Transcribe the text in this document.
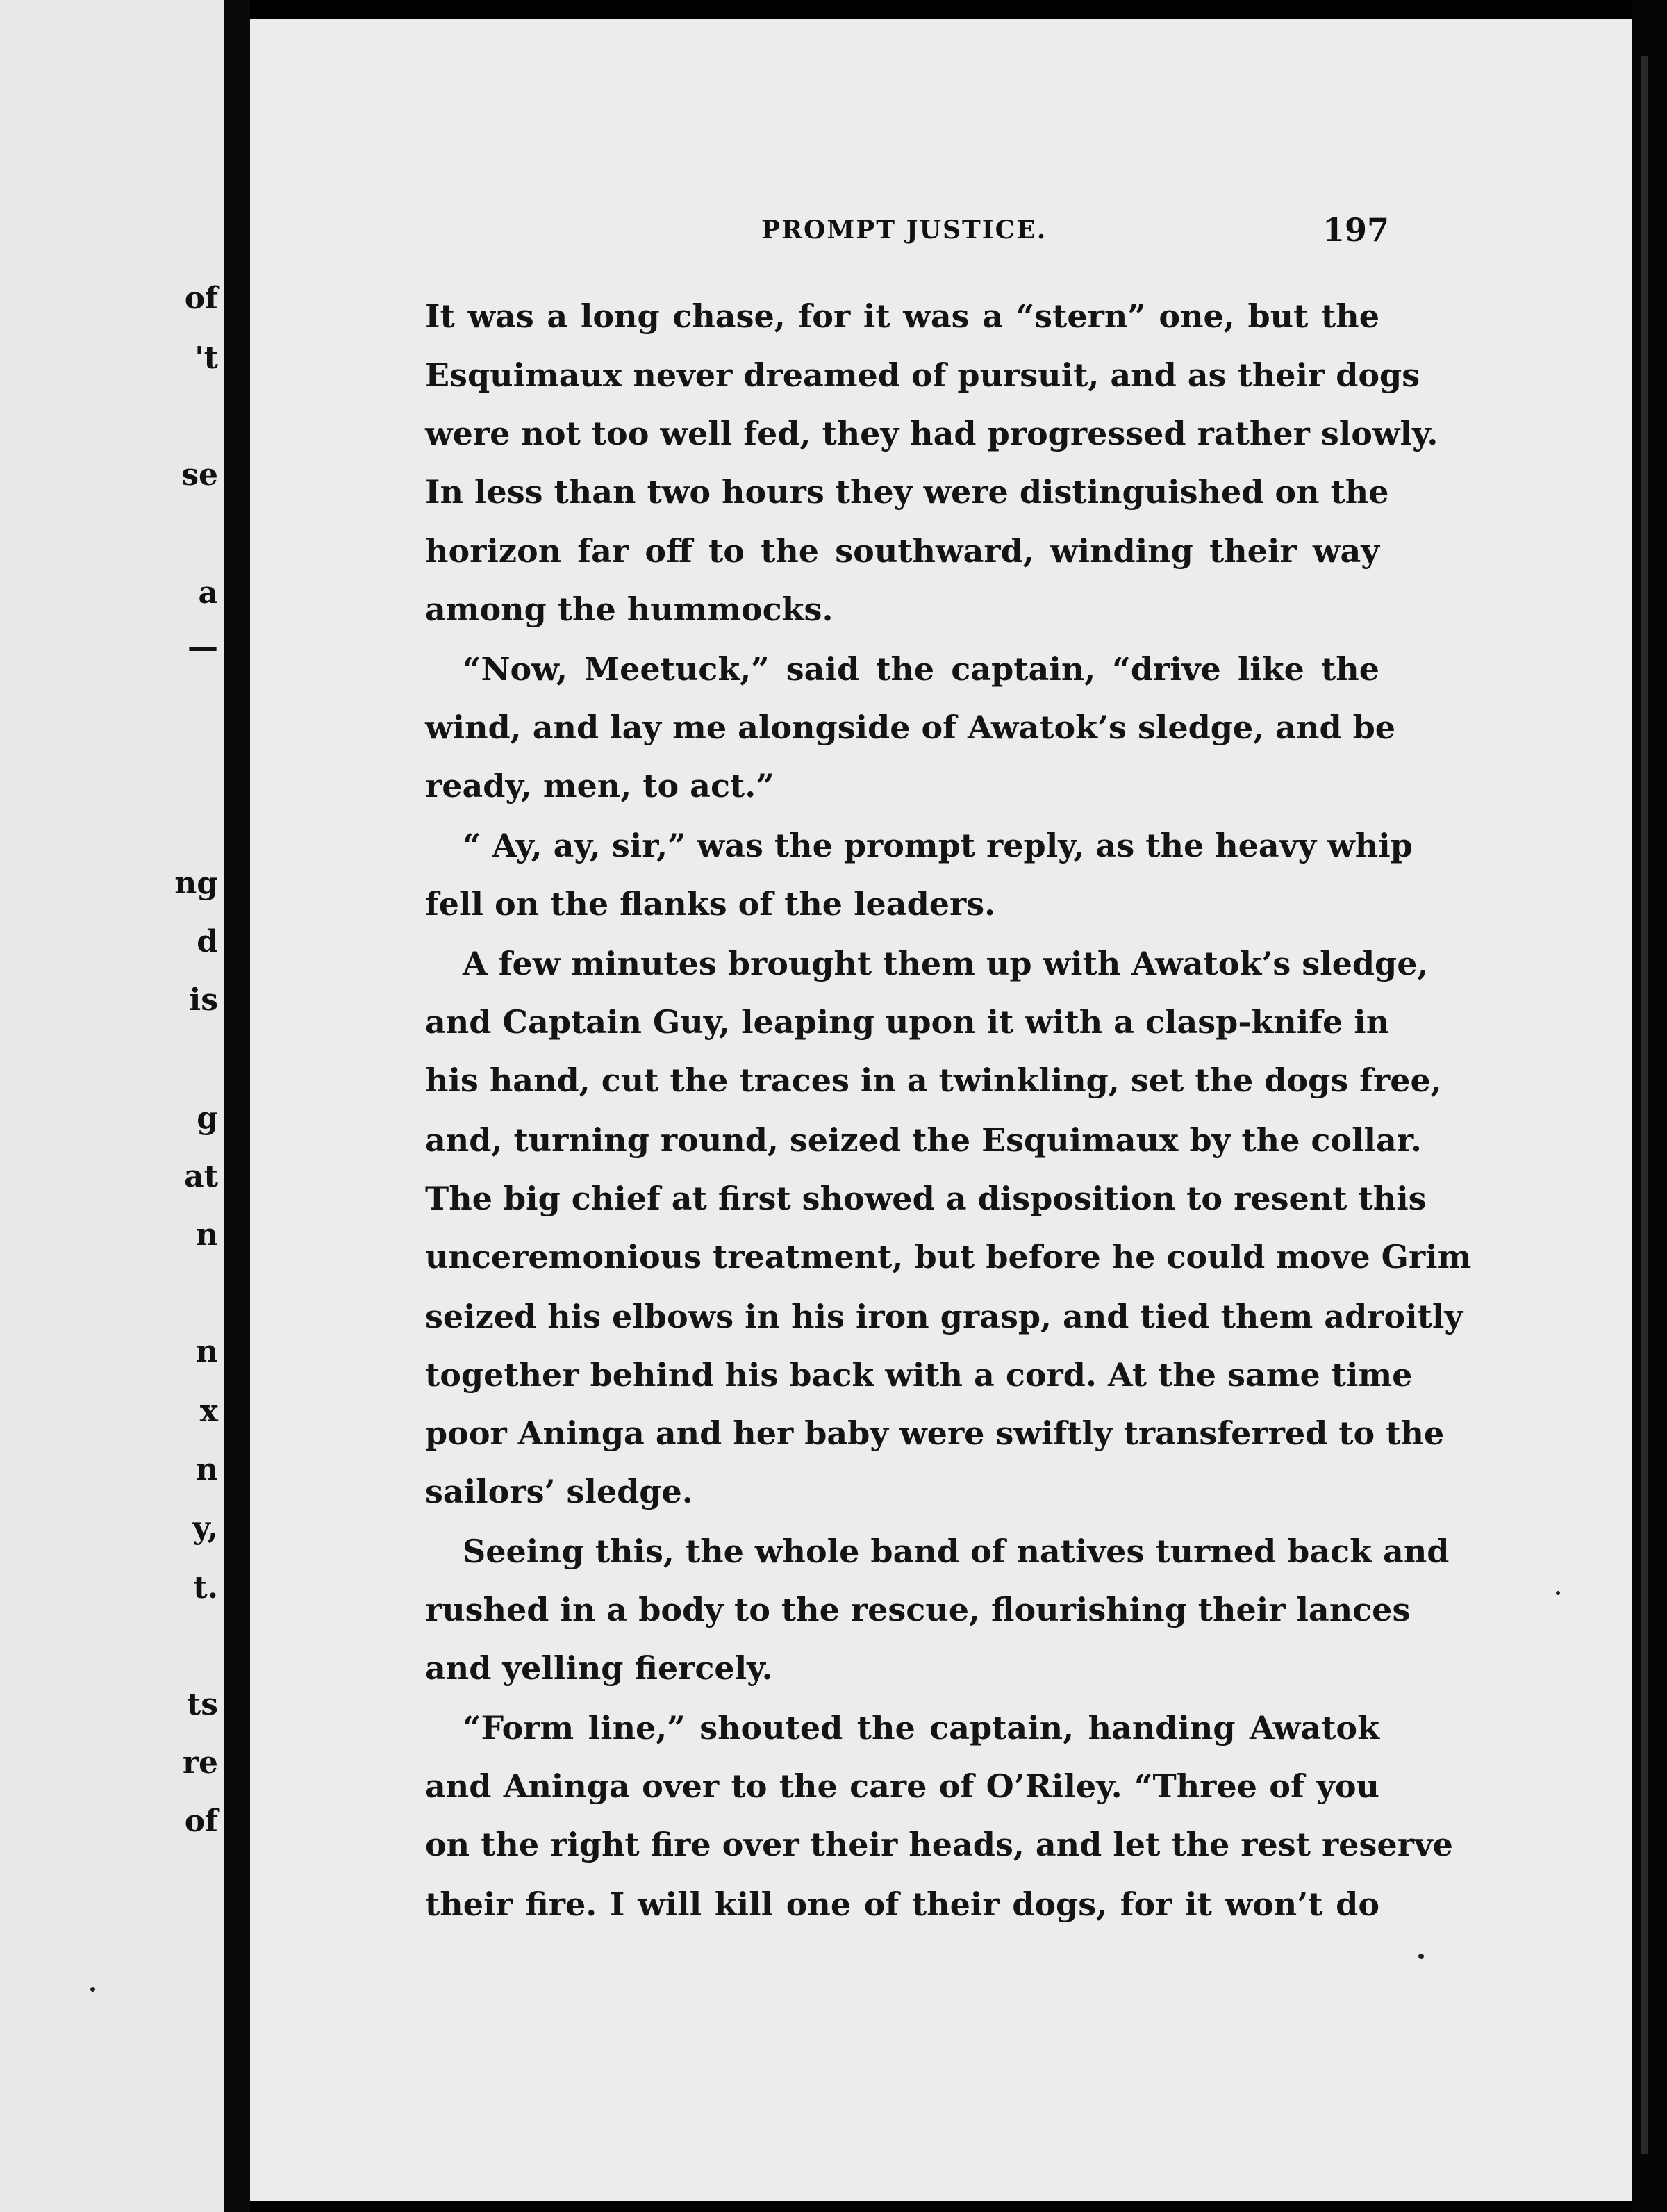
of
't
se
a
—
ng
d
is
g
at
n
n
x
n
y,
t.
ts
re
of
PROMPT JUSTICE.	197
It was a long chase, for it was a “stern” one, but the
Esquimaux never dreamed of pursuit, and as their dogs
were not too well fed, they had progressed rather slowly.
In less than two hours they were distinguished on the
horizon far off to the southward, winding their way
among the hummocks.
“Now, Meetuck,” said the captain, “drive like the
wind, and lay me alongside of Awatok’s sledge, and be
ready, men, to act.”
“ Ay, ay, sir,” was the prompt reply, as the heavy whip
fell on the flanks of the leaders.
A few minutes brought them up with Awatok’s sledge,
and Captain Guy, leaping upon it with a clasp-knife in
his hand, cut the traces in a twinkling, set the dogs free,
and, turning round, seized the Esquimaux by the collar.
The big chief at first showed a disposition to resent this
unceremonious treatment, but before he could move Grim
seized his elbows in his iron grasp, and tied them adroitly
together behind his back with a cord. At the same time
poor Aninga and her baby were swiftly transferred to the
sailors’ sledge.
Seeing this, the whole band of natives turned back and
rushed in a body to the rescue, flourishing their lances
and yelling fiercely.
“Form line,” shouted the captain, handing Awatok
and Aninga over to the care of O’Riley. “Three of you
on the right fire over their heads, and let the rest reserve
their fire. I will kill one of their dogs, for it won’t do
